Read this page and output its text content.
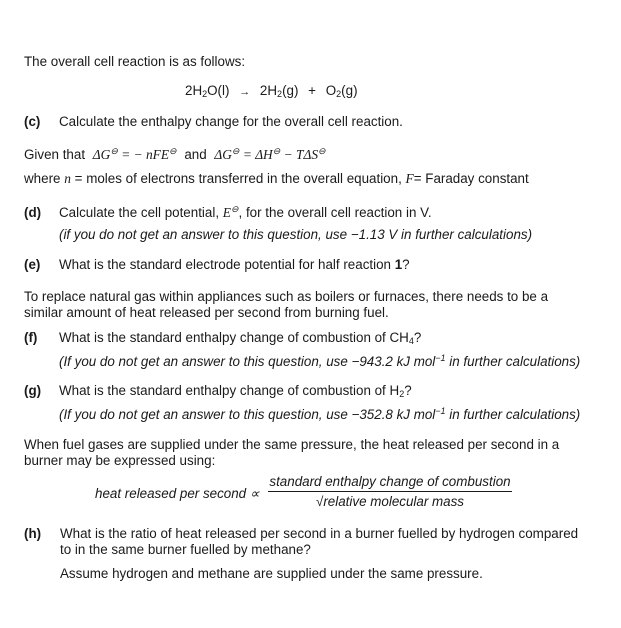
The overall cell reaction is as follows:
$2H_2O(l) \to 2H_2(g) + O_2(g)$
(c) Calculate the enthalpy change for the overall cell reaction.
Given that ΔG⊖ = − nFE⊖ and ΔG⊖ = ΔH⊖ − TΔS⊖
where n = moles of electrons transferred in the overall equation, F= Faraday constant
(d) Calculate the cell potential, E⊖, for the overall cell reaction in V.
(if you do not get an answer to this question, use −1.13 V in further calculations)
(e) What is the standard electrode potential for half reaction 1?
To replace natural gas within appliances such as boilers or furnaces, there needs to be a
similar amount of heat released per second from burning fuel.
(f) What is the standard enthalpy change of combustion of $CH_4$?
(If you do not get an answer to this question, use −943.2 kJ mol$^{-1}$ in further calculations)
(g) What is the standard enthalpy change of combustion of $H_2$?
(If you do not get an answer to this question, use −352.8 kJ mol$^{-1}$ in further calculations)
When fuel gases are supplied under the same pressure, the heat released per second in a
burner may be expressed using:
heat released per second ∝
standard enthalpy change of combustion
√relative molecular mass
(h) What is the ratio of heat released per second in a burner fuelled by hydrogen compared
to in the same burner fuelled by methane?
Assume hydrogen and methane are supplied under the same pressure.
